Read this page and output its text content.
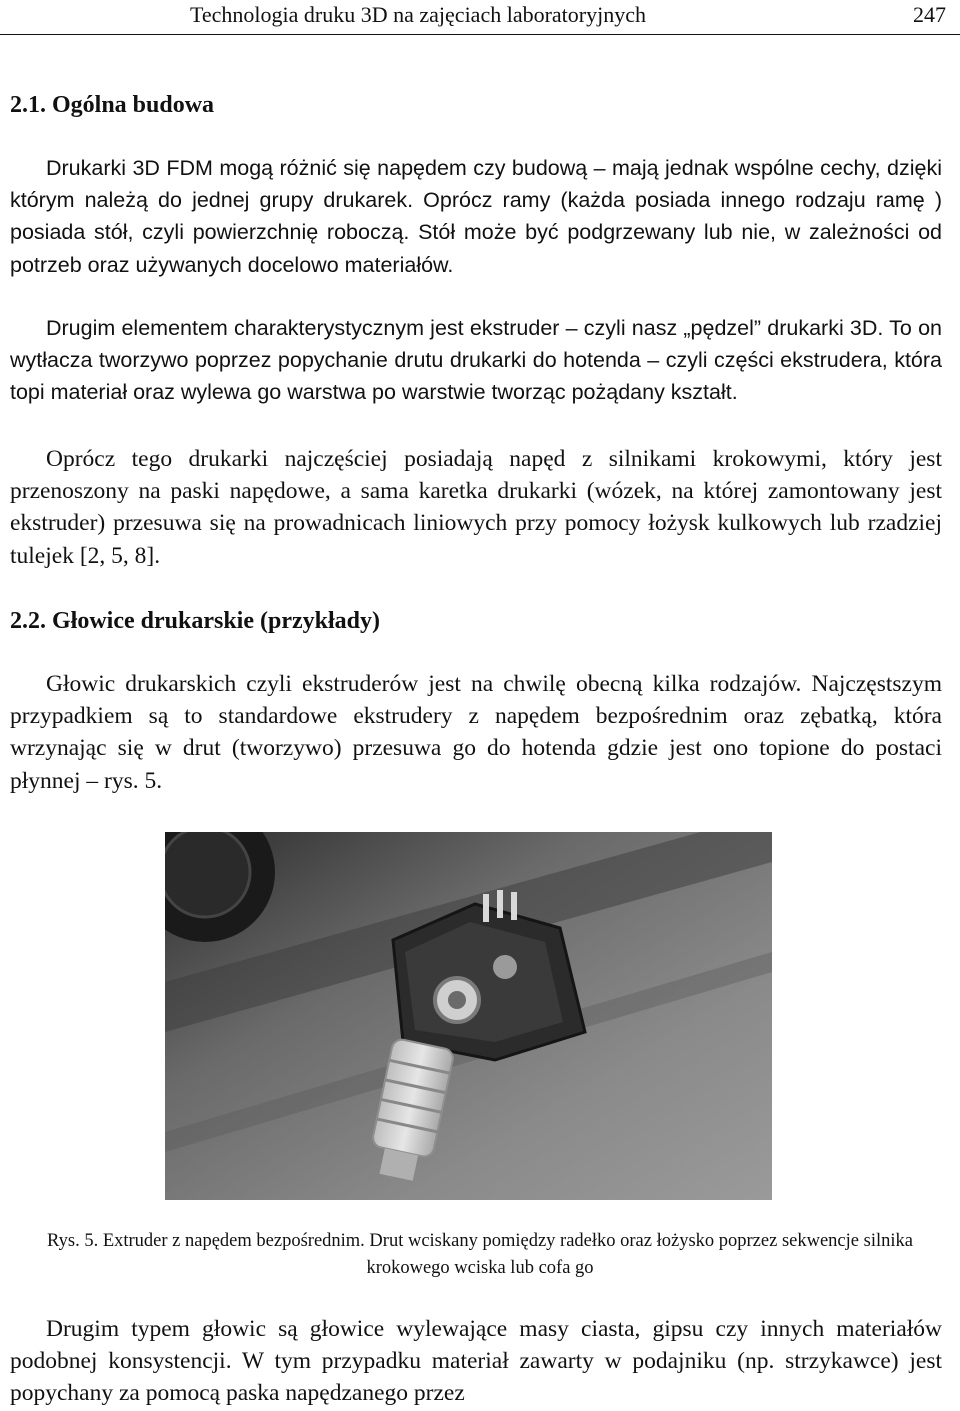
Technologia druku 3D na zajęciach laboratoryjnych	247
2.1. Ogólna budowa

Drukarki 3D FDM mogą różnić się napędem czy budową – mają jednak wspólne cechy, dzięki którym należą do jednej grupy drukarek. Oprócz ramy (każda posiada innego rodzaju ramę ) posiada stół, czyli powierzchnię roboczą. Stół może być podgrzewany lub nie, w zależności od potrzeb oraz używanych docelowo materiałów.

Drugim elementem charakterystycznym jest ekstruder – czyli nasz „pędzel” drukarki 3D. To on wytłacza tworzywo poprzez popychanie drutu drukarki do hotenda – czyli części ekstrudera, która topi materiał oraz wylewa go warstwa po warstwie tworząc pożądany kształt.

Oprócz tego drukarki najczęściej posiadają napęd z silnikami krokowymi, który jest przenoszony na paski napędowe, a sama karetka drukarki (wózek, na której zamontowany jest ekstruder) przesuwa się na prowadnicach liniowych przy pomocy łożysk kulkowych lub rzadziej tulejek [2, 5, 8].

2.2. Głowice drukarskie (przykłady)

Głowic drukarskich czyli ekstruderów jest na chwilę obecną kilka rodzajów. Najczęstszym przypadkiem są to standardowe ekstrudery z napędem bezpośrednim oraz zębatką, która wrzynając się w drut (tworzywo) przesuwa go do hotenda gdzie jest ono topione do postaci płynnej – rys. 5.

Rys. 5. Extruder z napędem bezpośrednim. Drut wciskany pomiędzy radełko oraz łożysko poprzez sekwencje silnika krokowego wciska lub cofa go

Drugim typem głowic są głowice wylewające masy ciasta, gipsu czy innych materiałów podobnej konsystencji. W tym przypadku materiał zawarty w podajniku (np. strzykawce) jest popychany za pomocą paska napędzanego przez
